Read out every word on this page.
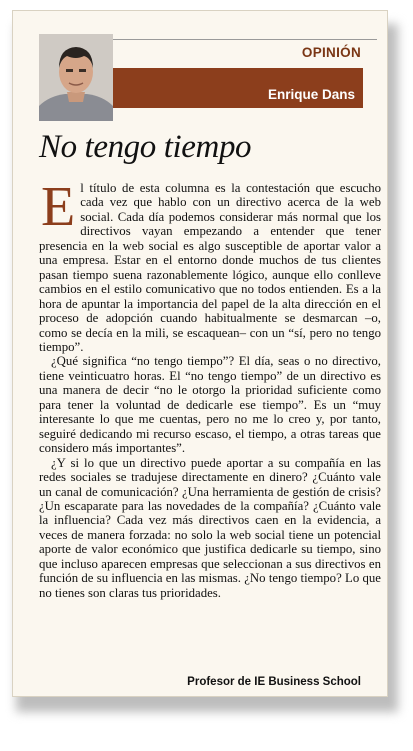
OPINIÓN
Enrique Dans
No tengo tiempo

El título de esta columna es la contestación que escucho cada vez que hablo con un directivo acerca de la web social. Cada día podemos considerar más normal que los directivos vayan empezando a entender que tener presencia en la web social es algo susceptible de aportar valor a una empresa. Estar en el entorno donde muchos de tus clientes pasan tiempo suena razonablemente lógico, aunque ello conlleve cambios en el estilo comunicativo que no todos entienden. Es a la hora de apuntar la importancia del papel de la alta dirección en el proceso de adopción cuando habitualmente se desmarcan –o, como se decía en la mili, se escaquean– con un “sí, pero no tengo tiempo”.

¿Qué significa “no tengo tiempo”? El día, seas o no directivo, tiene veinticuatro horas. El “no tengo tiempo” de un directivo es una manera de decir “no le otorgo la prioridad suficiente como para tener la voluntad de dedicarle ese tiempo”. Es un “muy interesante lo que me cuentas, pero no me lo creo y, por tanto, seguiré dedicando mi recurso escaso, el tiempo, a otras tareas que considero más importantes”.

¿Y si lo que un directivo puede aportar a su compañía en las redes sociales se tradujese directamente en dinero? ¿Cuánto vale un canal de comunicación? ¿Una herramienta de gestión de crisis? ¿Un escaparate para las novedades de la compañía? ¿Cuánto vale la influencia? Cada vez más directivos caen en la evidencia, a veces de manera forzada: no solo la web social tiene un potencial aporte de valor económico que justifica dedicarle su tiempo, sino que incluso aparecen empresas que seleccionan a sus directivos en función de su influencia en las mismas. ¿No tengo tiempo? Lo que no tienes son claras tus prioridades.

Profesor de IE Business School
